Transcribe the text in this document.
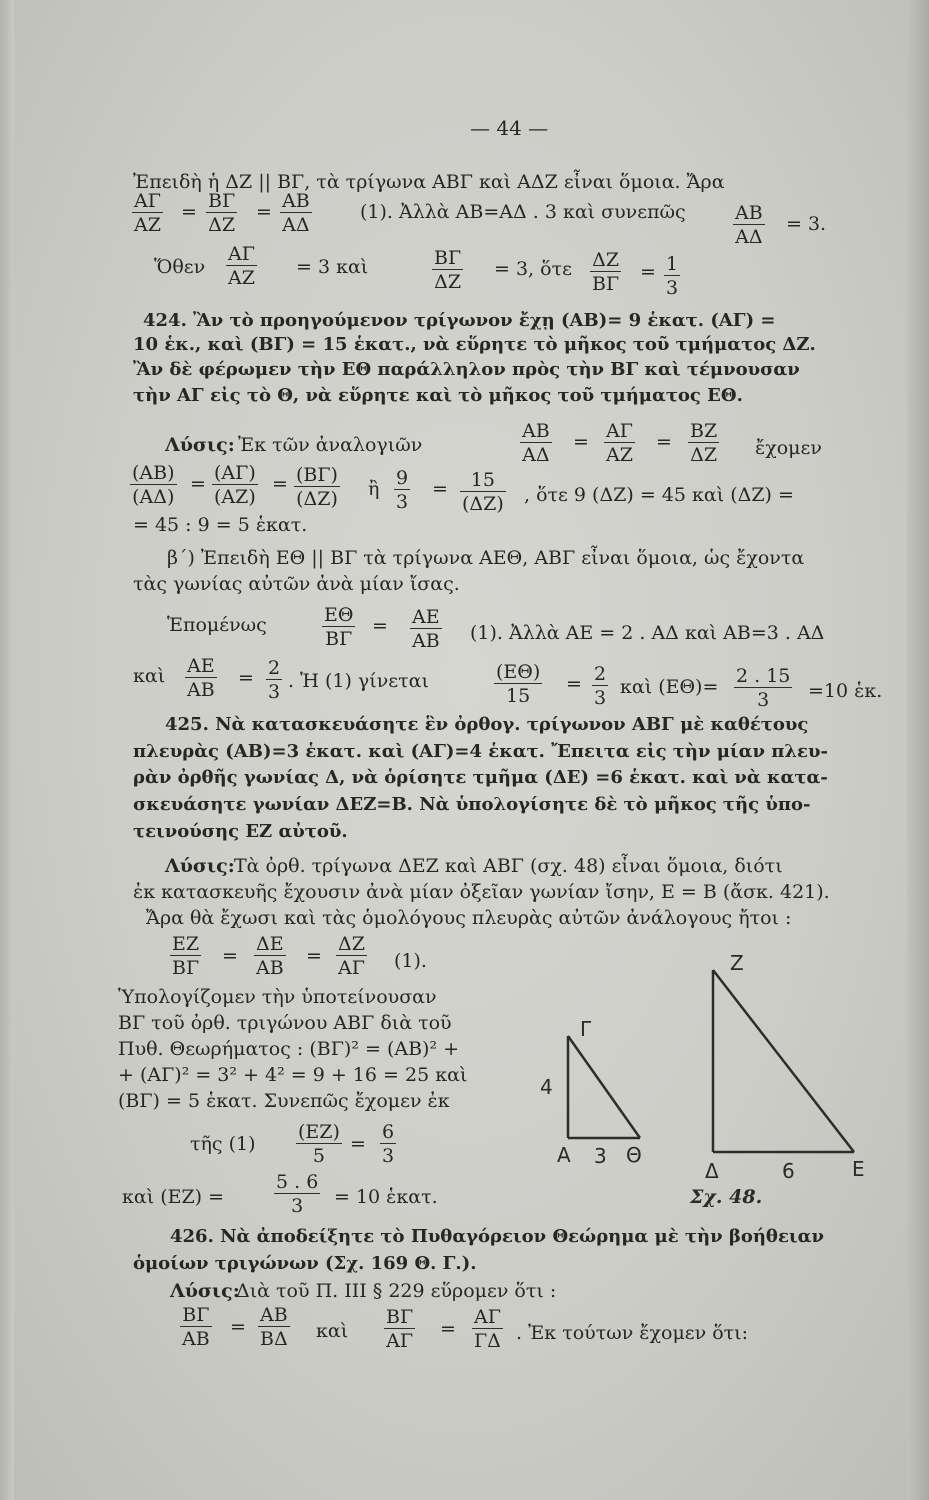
— 44 —
Ἐπειδὴ ἡ ΔΖ || ΒΓ, τὰ τρίγωνα ΑΒΓ καὶ ΑΔΖ εἶναι ὅμοια. Ἄρα
$\frac{A\Gamma}{AZ} = \frac{B\Gamma}{\Delta Z} = \frac{AB}{A\Delta}$	(1). Ἀλλὰ ΑΒ=ΑΔ . 3 καὶ συνεπῶς $\frac{AB}{A\Delta} = 3$.
Ὅθεν $\frac{A\Gamma}{AZ} = 3$ καὶ	$\frac{B\Gamma}{\Delta Z} = 3$, ὅτε $\frac{\Delta Z}{B\Gamma} = \frac{1}{3}$
424. Ἂν τὸ προηγούμενον τρίγωνον ἔχῃ (ΑΒ)= 9 ἑκατ. (ΑΓ) =
10 ἑκ., καὶ (ΒΓ) = 15 ἑκατ., νὰ εὕρητε τὸ μῆκος τοῦ τμήματος ΔΖ.
Ἂν δὲ φέρωμεν τὴν ΕΘ παράλληλον πρὸς τὴν ΒΓ καὶ τέμνουσαν
τὴν ΑΓ εἰς τὸ Θ, νὰ εὕρητε καὶ τὸ μῆκος τοῦ τμήματος ΕΘ.
Λύσις: Ἐκ τῶν ἀναλογιῶν	$\frac{AB}{A\Delta} = \frac{A\Gamma}{AZ} = \frac{BZ}{\Delta Z}$ ἔχομεν
$\frac{(AB)}{(A\Delta)} = \frac{(A\Gamma)}{(AZ)} = \frac{(B\Gamma)}{(\Delta Z)}$ ἢ $\frac{9}{3} = \frac{15}{(\Delta Z)}$ , ὅτε 9 (ΔΖ) = 45 καὶ (ΔΖ) =
= 45 : 9 = 5 ἑκατ.
β΄) Ἐπειδὴ ΕΘ || ΒΓ τὰ τρίγωνα ΑΕΘ, ΑΒΓ εἶναι ὅμοια, ὡς ἔχοντα
τὰς γωνίας αὐτῶν ἀνὰ μίαν ἴσας.
Ἑπομένως	$\frac{E\Theta}{B\Gamma} = \frac{AE}{AB} (1)$. Ἀλλὰ ΑΕ = 2 . ΑΔ καὶ ΑΒ=3 . ΑΔ
καὶ $\frac{AE}{AB} = \frac{2}{3}$ . Ἡ (1) γίνεται	$\frac{(E\Theta)}{15} = \frac{2}{3}$ καὶ $(E\Theta)= \frac{2 . 15}{3} =10$ ἑκ.
425. Νὰ κατασκευάσητε ἓν ὀρθογ. τρίγωνον ΑΒΓ μὲ καθέτους
πλευρὰς (ΑΒ)=3 ἑκατ. καὶ (ΑΓ)=4 ἑκατ. Ἔπειτα εἰς τὴν μίαν πλευ-
ρὰν ὀρθῆς γωνίας Δ, νὰ ὁρίσητε τμῆμα (ΔΕ) =6 ἑκατ. καὶ νὰ κατα-
σκευάσητε γωνίαν ΔΕΖ=Β. Νὰ ὑπολογίσητε δὲ τὸ μῆκος τῆς ὑπο-
τεινούσης ΕΖ αὐτοῦ.
Λύσις: Τὰ ὀρθ. τρίγωνα ΔΕΖ καὶ ΑΒΓ (σχ. 48) εἶναι ὅμοια, διότι
ἐκ κατασκευῆς ἔχουσιν ἀνὰ μίαν ὀξεῖαν γωνίαν ἴσην, Ε = Β (ἄσκ. 421).
Ἄρα θὰ ἔχωσι καὶ τὰς ὁμολόγους πλευρὰς αὐτῶν ἀνάλογους ἤτοι :
$\frac{EZ}{B\Gamma} = \frac{\Delta E}{AB} = \frac{\Delta Z}{A\Gamma} (1)$.
Ὑπολογίζομεν τὴν ὑποτείνουσαν
ΒΓ τοῦ ὀρθ. τριγώνου ΑΒΓ διὰ τοῦ
Πυθ. Θεωρήματος : (ΒΓ)² = (ΑΒ)² +
+ (ΑΓ)² = 3² + 4² = 9 + 16 = 25 καὶ
(ΒΓ) = 5 ἑκατ. Συνεπῶς ἔχομεν ἐκ
τῆς $(1) \frac{(EZ)}{5} = \frac{6}{3}$
καὶ (ΕΖ) =	$\frac{5 . 6}{3} = 10$ ἑκατ.
Γ
4
Α 3 Θ
Ζ
Δ	6	Ε
Σχ. 48.
426. Νὰ ἀποδείξητε τὸ Πυθαγόρειον Θεώρημα μὲ τὴν βοήθειαν
ὁμοίων τριγώνων (Σχ. 169 Θ. Γ.).
Λύσις:
Διὰ τοῦ Π. ΙΙΙ § 229 εὕρομεν ὅτι :
$\frac{B\Gamma}{AB} = \frac{AB}{B\Delta}$ καὶ $\frac{B\Gamma}{A\Gamma} = \frac{A\Gamma}{\Gamma\Delta}$ . Ἐκ τούτων ἔχομεν ὅτι:
